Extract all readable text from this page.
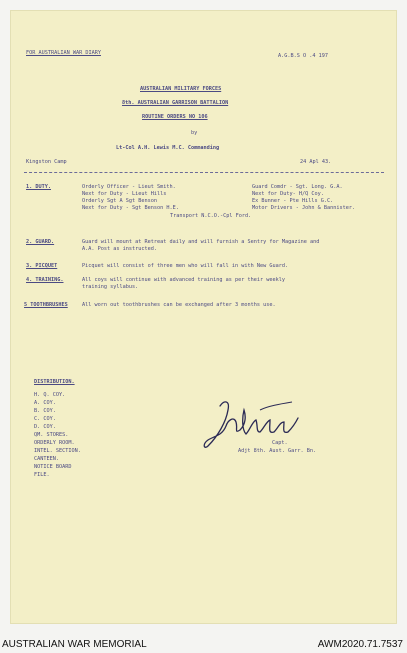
FOR AUSTRALIAN WAR DIARY	A.G.B.S O .4 197
AUSTRALIAN MILITARY FORCES
8th. AUSTRALIAN GARRISON BATTALION
ROUTINE ORDERS NO 106
by
Lt-Col A.H. Lewis M.C. Commanding
Kingston Camp	24 Apl 43.
1. DUTY.	Orderly Officer - Lieut Smith.	Guard Comdr - Sgt. Long. G.A.
Next for Duty - Lieut Hills	Next for Duty- H/Q Coy.
Orderly Sgt A Sgt Benson	Ex Bunner - Pte Hills G.C.
Next for Duty - Sgt Benson H.E.	Motor Drivers - John & Bannister.
Transport N.C.O.-Cpl Ford.
2. GUARD.	Guard will mount at Retreat daily and will furnish a Sentry for Magazine and
A.A. Post as instructed.
3. PICQUET	Picquet will consist of three men who will fall in with New Guard.
4. TRAINING.	All coys will continue with advanced training as per their weekly
training syllabus.
5 TOOTHBRUSHES	All worn out toothbrushes can be exchanged after 3 months use.
DISTRIBUTION.
H. Q. COY.
A. COY.
B. COY.
C. COY.
D. COY.
QM. STORES.
ORDERLY ROOM.
INTEL. SECTION.
CANTEEN.
NOTICE BOARD
FILE.
Capt.
Adjt 8th. Aust. Garr. Bn.
AUSTRALIAN WAR MEMORIAL	AWM2020.71.7537
